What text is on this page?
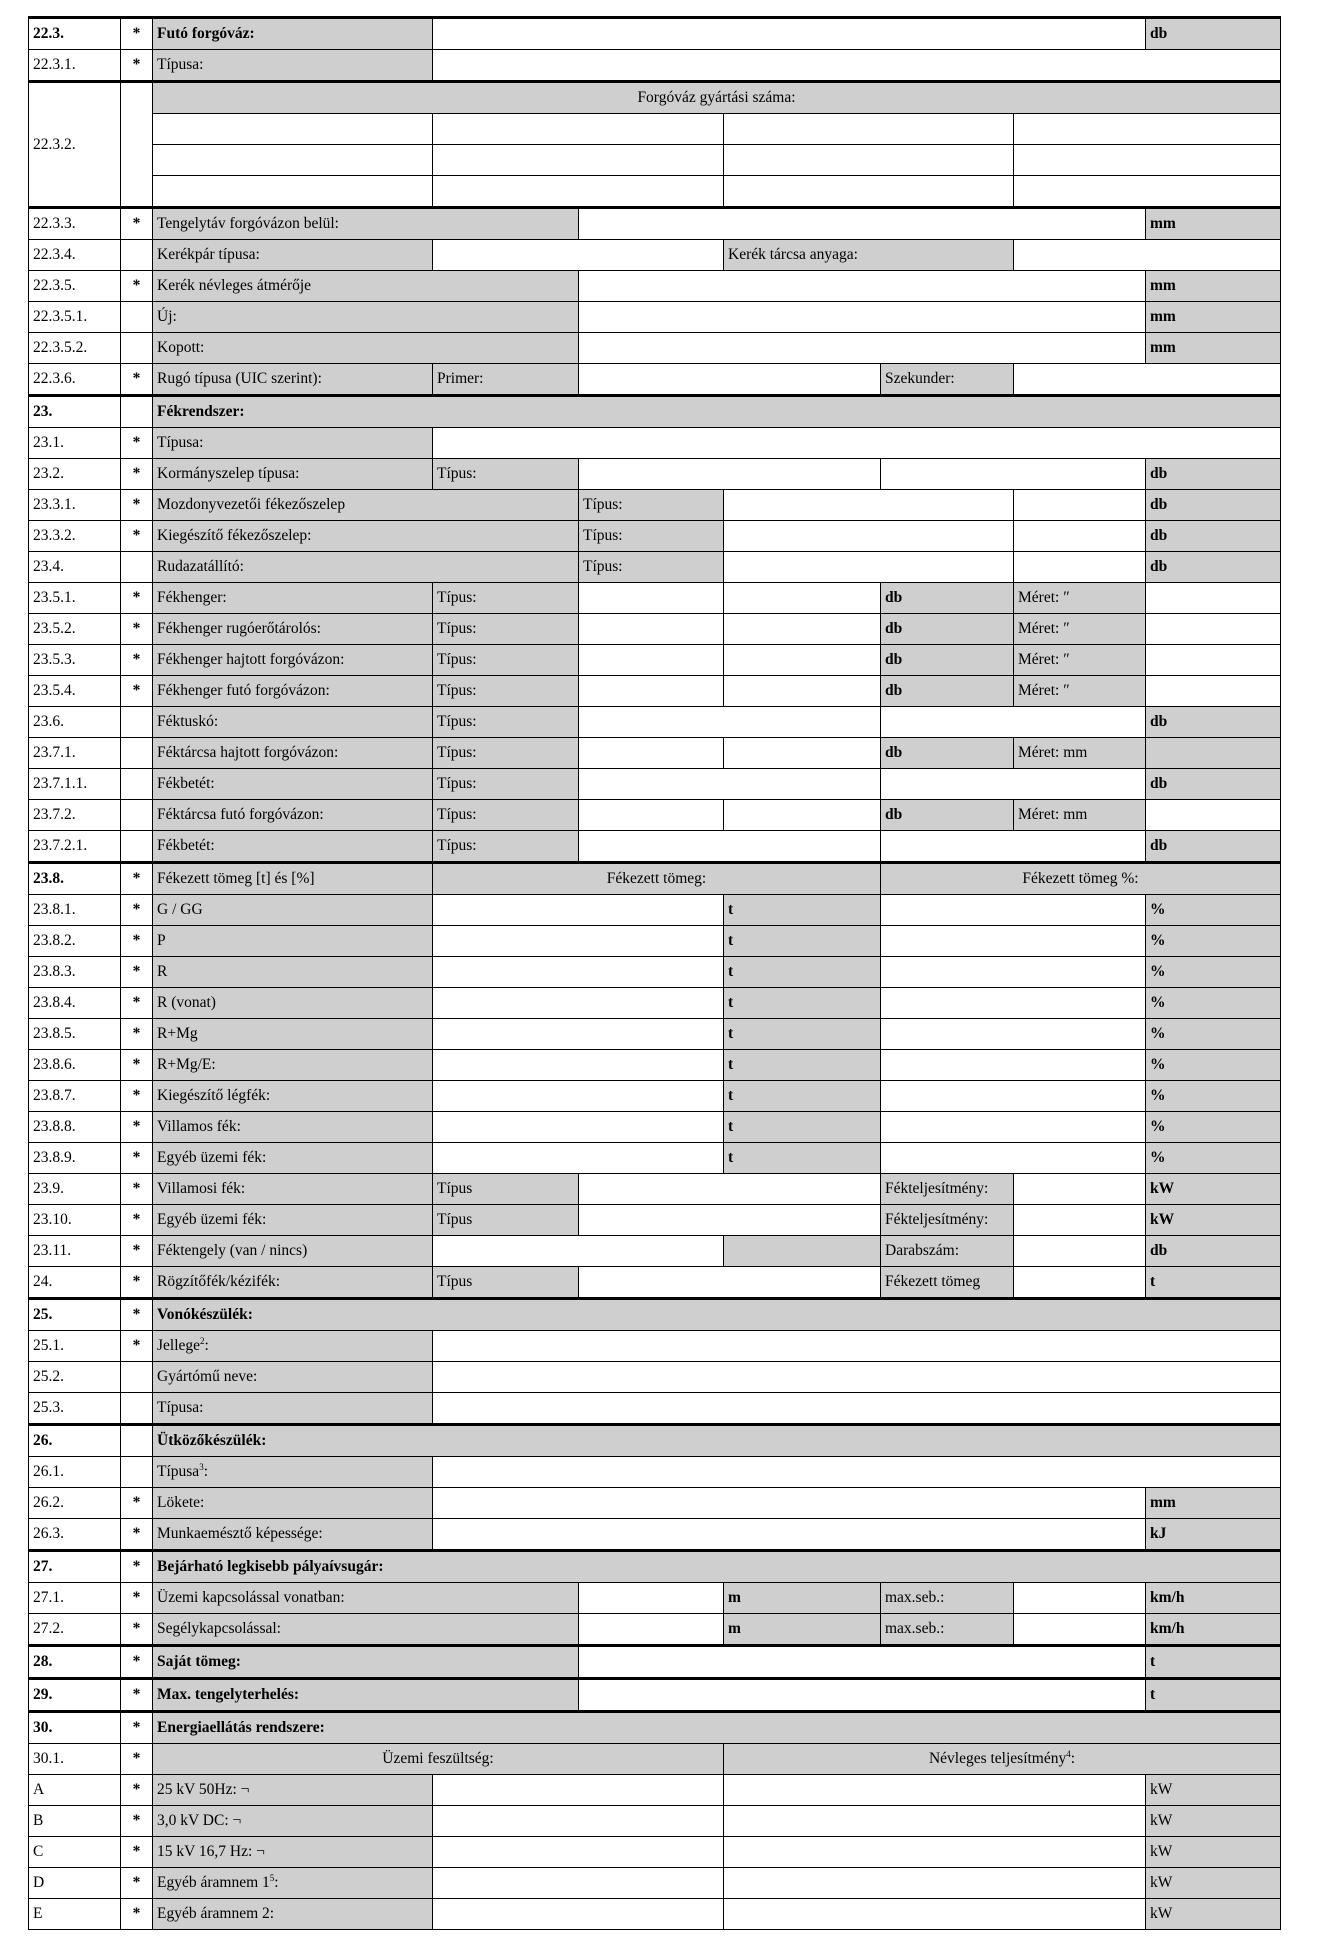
22.3.	*	Futó forgóváz:						db
22.3.1.	*	Típusa:						
22.3.2.		Forgóváz gyártási száma:						

22.3.3.	*	Tengelytáv forgóvázon belül:						mm
22.3.4.		Kerékpár típusa:			Kerék tárcsa anyaga:			
22.3.5.	*	Kerék névleges átmérője						mm
22.3.5.1.		Új:						mm
22.3.5.2.		Kopott:						mm
22.3.6.	*	Rugó típusa (UIC szerint):	Primer:			Szekunder:		
23.		Fékrendszer:						
23.1.	*	Típusa:						
23.2.	*	Kormányszelep típusa:	Típus:					db
23.3.1.	*	Mozdonyvezetői fékezőszelep		Típus:				db
23.3.2.	*	Kiegészítő fékezőszelep:		Típus:				db
23.4.		Rudazatállító:		Típus:				db
23.5.1.	*	Fékhenger:	Típus:			db	Méret: ″	
23.5.2.	*	Fékhenger rugóerőtárolós:	Típus:			db	Méret: ″	
23.5.3.	*	Fékhenger hajtott forgóvázon:	Típus:			db	Méret: ″	
23.5.4.	*	Fékhenger futó forgóvázon:	Típus:			db	Méret: ″	
23.6.		Féktuskó:	Típus:					db
23.7.1.		Féktárcsa hajtott forgóvázon:	Típus:			db	Méret: mm	
23.7.1.1.		Fékbetét:	Típus:					db
23.7.2.		Féktárcsa futó forgóvázon:	Típus:			db	Méret: mm	
23.7.2.1.		Fékbetét:	Típus:					db
23.8.	*	Fékezett tömeg [t] és [%]	Fékezett tömeg:			Fékezett tömeg %:		
23.8.1.	*	G / GG			t			%
23.8.2.	*	P			t			%
23.8.3.	*	R			t			%
23.8.4.	*	R (vonat)			t			%
23.8.5.	*	R+Mg			t			%
23.8.6.	*	R+Mg/E:			t			%
23.8.7.	*	Kiegészítő légfék:			t			%
23.8.8.	*	Villamos fék:			t			%
23.8.9.	*	Egyéb üzemi fék:			t			%
23.9.	*	Villamosi fék:	Típus			Fékteljesítmény:		kW
23.10.	*	Egyéb üzemi fék:	Típus			Fékteljesítmény:		kW
23.11.	*	Féktengely (van / nincs)				Darabszám:		db
24.	*	Rögzítőfék/kézifék:	Típus			Fékezett tömeg		t
25.	*	Vonókészülék:						
25.1.	*	Jellege$^2$:						
25.2.		Gyártómű neve:						
25.3.		Típusa:						
26.		Ütközőkészülék:						
26.1.		Típusa$^3$:						
26.2.	*	Lökete:						mm
26.3.	*	Munkaemésztő képessége:						kJ
27.	*	Bejárható legkisebb pályaívsugár:						
27.1.	*	Üzemi kapcsolással vonatban:			m	max.seb.:		km/h
27.2.	*	Segélykapcsolással:			m	max.seb.:		km/h
28.	*	Saját tömeg:						t
29.	*	Max. tengelyterhelés:						t
30.	*	Energiaellátás rendszere:						
30.1.	*	Üzemi feszültség:			Névleges teljesítmény$^4$:			
A	*	25 kV 50Hz: ¬						kW
B	*	3,0 kV DC: ¬						kW
C	*	15 kV 16,7 Hz: ¬						kW
D	*	Egyéb áramnem $1^5$:						kW
E	*	Egyéb áramnem 2:						kW
